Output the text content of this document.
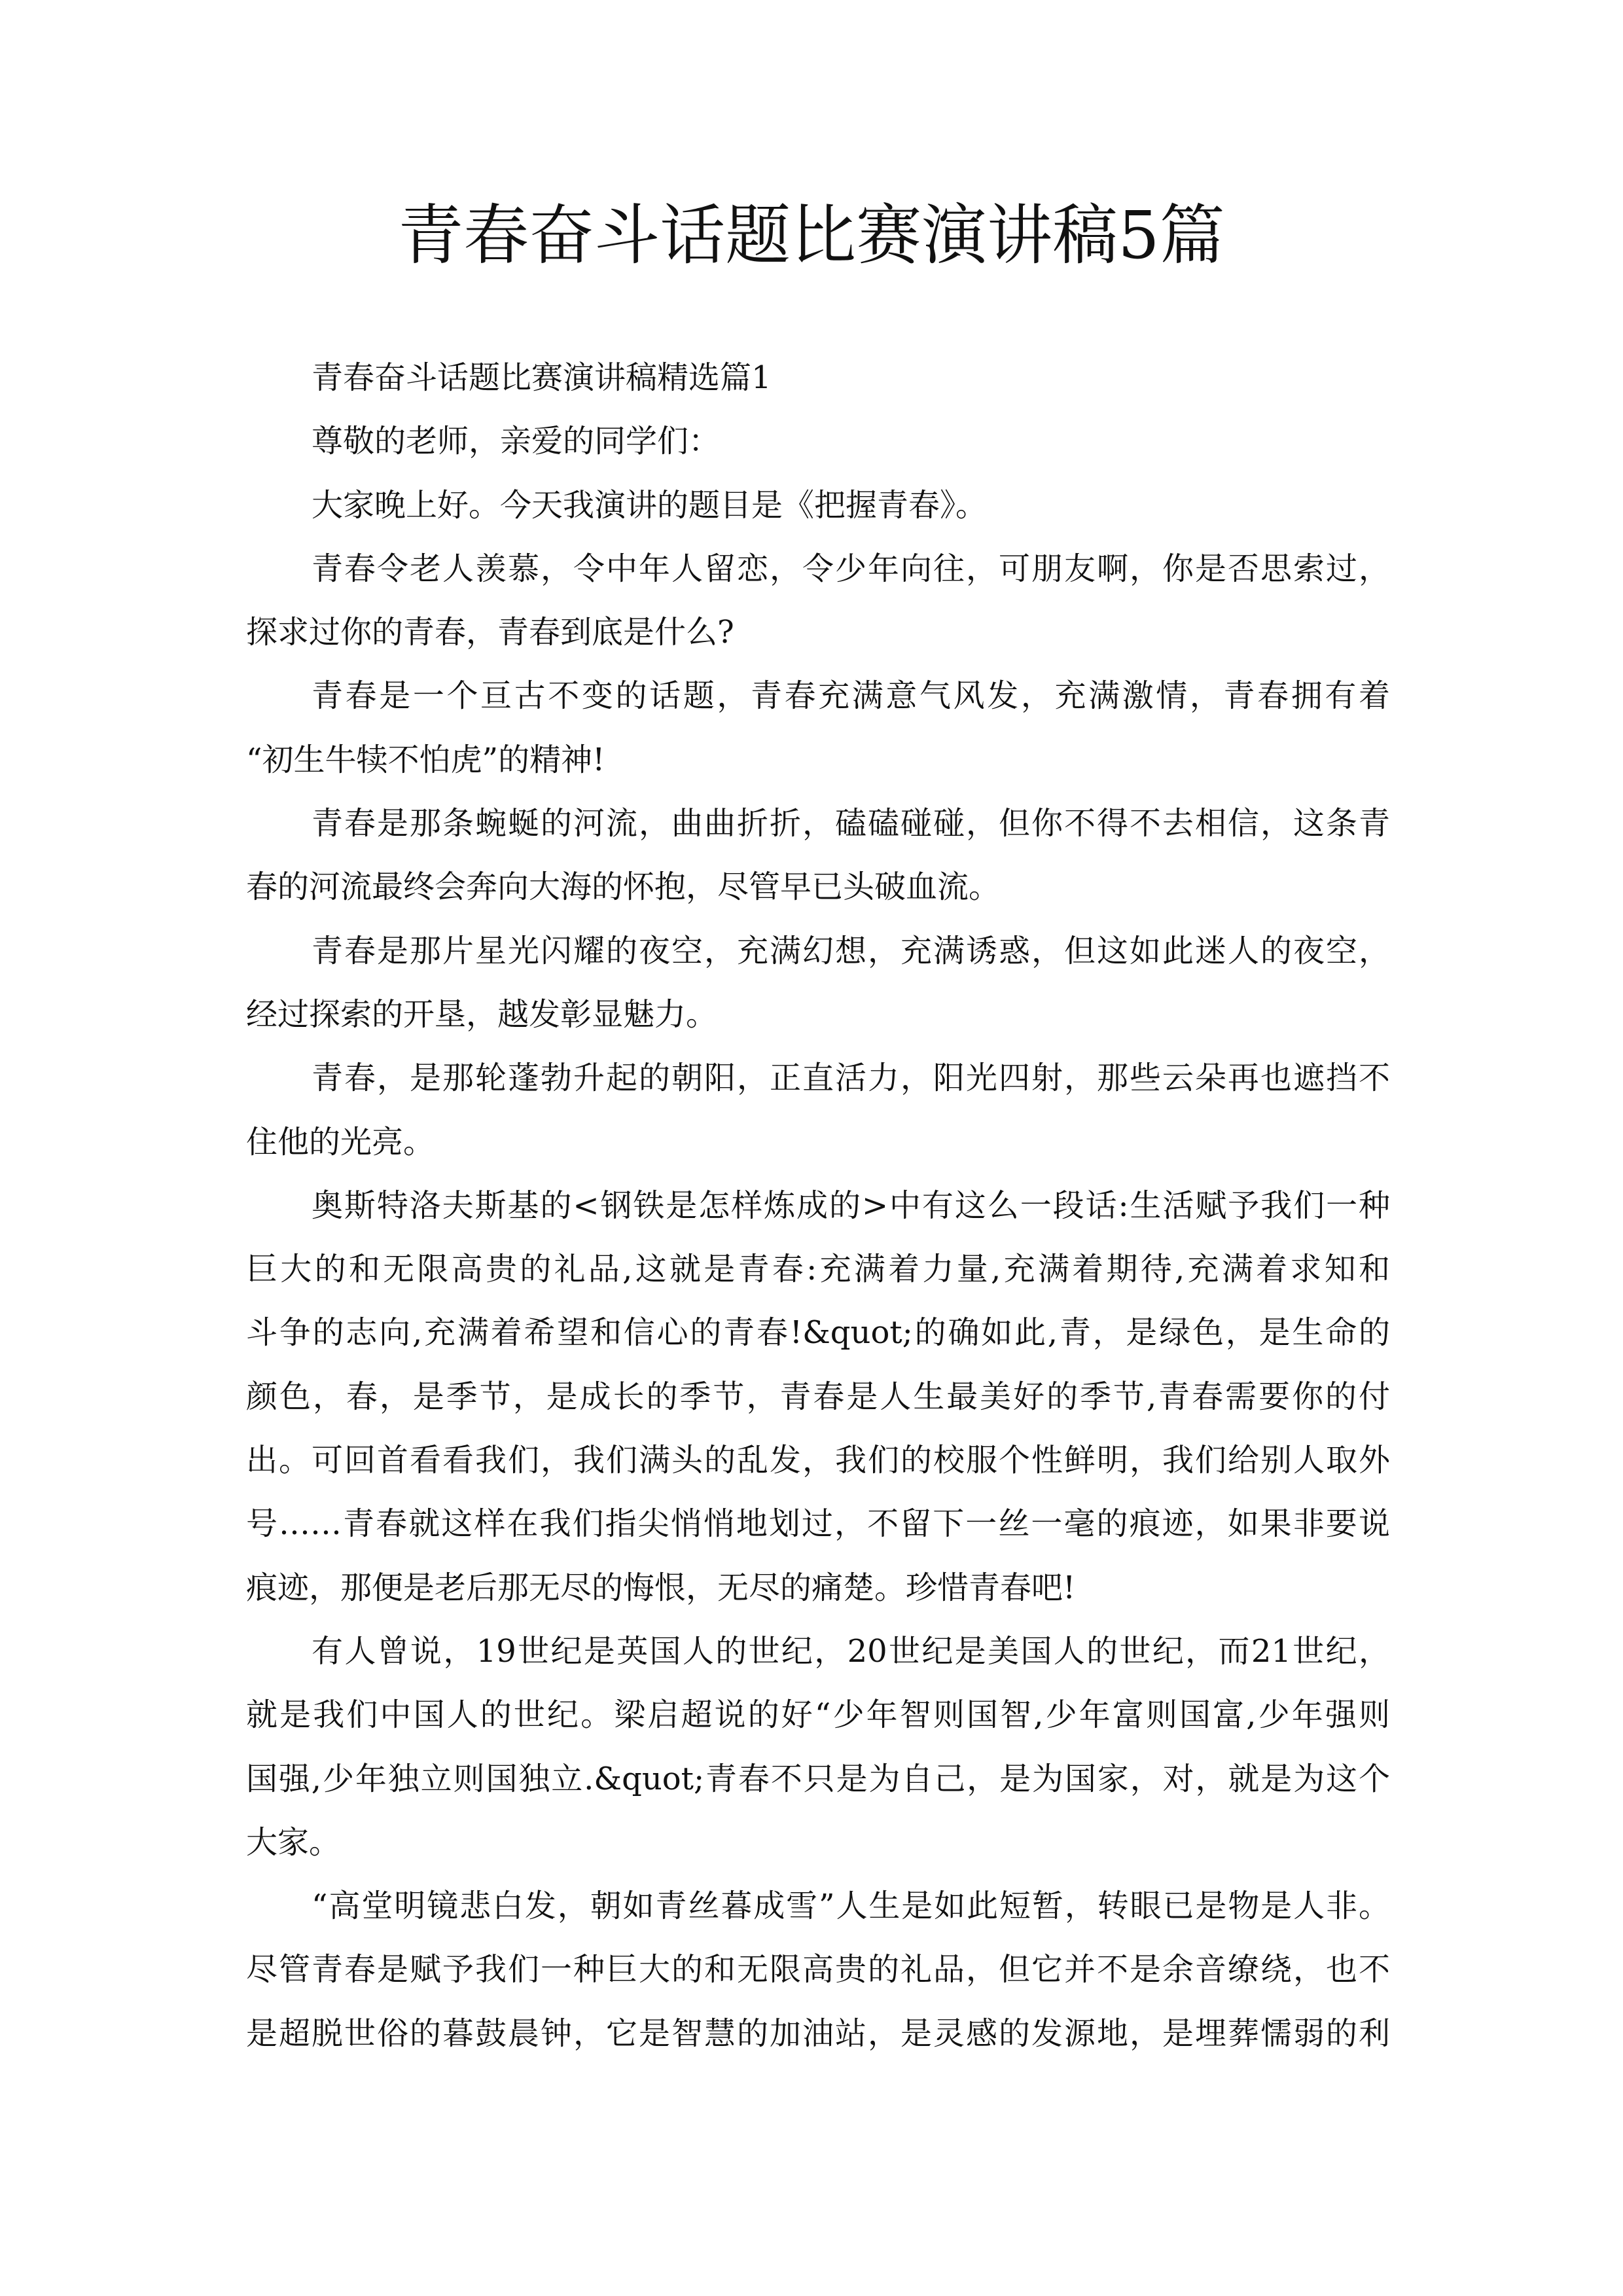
青春奋斗话题比赛演讲稿5篇
青春奋斗话题比赛演讲稿精选篇1
尊敬的老师，亲爱的同学们：
大家晚上好。今天我演讲的题目是《把握青春》。
青春令老人羡慕，令中年人留恋，令少年向往，可朋友啊，你是否思索过，
探求过你的青春，青春到底是什么?
青春是一个亘古不变的话题，青春充满意气风发，充满激情，青春拥有着
“初生牛犊不怕虎”的精神!
青春是那条蜿蜒的河流，曲曲折折，磕磕碰碰，但你不得不去相信，这条青
春的河流最终会奔向大海的怀抱，尽管早已头破血流。
青春是那片星光闪耀的夜空，充满幻想，充满诱惑，但这如此迷人的夜空，
经过探索的开垦，越发彰显魅力。
青春，是那轮蓬勃升起的朝阳，正直活力，阳光四射，那些云朵再也遮挡不
住他的光亮。
奥斯特洛夫斯基的<钢铁是怎样炼成的>中有这么一段话:生活赋予我们一种
巨大的和无限高贵的礼品,这就是青春:充满着力量,充满着期待,充满着求知和
斗争的志向,充满着希望和信心的青春!&quot;的确如此,青，是绿色，是生命的
颜色，春，是季节，是成长的季节，青春是人生最美好的季节,青春需要你的付
出。可回首看看我们，我们满头的乱发，我们的校服个性鲜明，我们给别人取外
号……青春就这样在我们指尖悄悄地划过，不留下一丝一毫的痕迹，如果非要说
痕迹，那便是老后那无尽的悔恨，无尽的痛楚。珍惜青春吧!
有人曾说，19世纪是英国人的世纪，20世纪是美国人的世纪，而21世纪，
就是我们中国人的世纪。梁启超说的好“少年智则国智,少年富则国富,少年强则
国强,少年独立则国独立.&quot;青春不只是为自己，是为国家，对，就是为这个
大家。
“高堂明镜悲白发，朝如青丝暮成雪”人生是如此短暂，转眼已是物是人非。
尽管青春是赋予我们一种巨大的和无限高贵的礼品，但它并不是余音缭绕，也不
是超脱世俗的暮鼓晨钟，它是智慧的加油站，是灵感的发源地，是埋葬懦弱的利
